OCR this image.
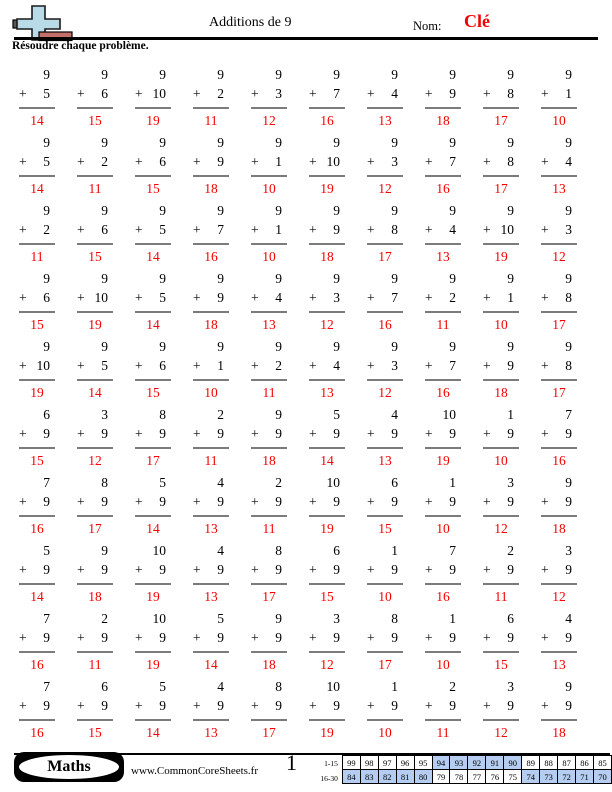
Additions de 9	Nom: Clé
Résoudre chaque problème.
9
+ 5
14
9
+ 6
15
9
+ 10
19
9
+ 2
11
9
+ 3
12
9
+ 7
16
9
+ 4
13
9
+ 9
18
9
+ 8
17
9
+ 1
10
9
+ 5
14
9
+ 2
11
9
+ 6
15
9
+ 9
18
9
+ 1
10
9
+ 10
19
9
+ 3
12
9
+ 7
16
9
+ 8
17
9
+ 4
13
9
+ 2
11
9
+ 6
15
9
+ 5
14
9
+ 7
16
9
+ 1
10
9
+ 9
18
9
+ 8
17
9
+ 4
13
9
+ 10
19
9
+ 3
12
9
+ 6
15
9
+ 10
19
9
+ 5
14
9
+ 9
18
9
+ 4
13
9
+ 3
12
9
+ 7
16
9
+ 2
11
9
+ 1
10
9
+ 8
17
9
+ 10
19
9
+ 5
14
9
+ 6
15
9
+ 1
10
9
+ 2
11
9
+ 4
13
9
+ 3
12
9
+ 7
16
9
+ 9
18
9
+ 8
17
6
+ 9
15
3
+ 9
12
8
+ 9
17
2
+ 9
11
9
+ 9
18
5
+ 9
14
4
+ 9
13
10
+ 9
19
1
+ 9
10
7
+ 9
16
7
+ 9
16
8
+ 9
17
5
+ 9
14
4
+ 9
13
2
+ 9
11
10
+ 9
19
6
+ 9
15
1
+ 9
10
3
+ 9
12
9
+ 9
18
5
+ 9
14
9
+ 9
18
10
+ 9
19
4
+ 9
13
8
+ 9
17
6
+ 9
15
1
+ 9
10
7
+ 9
16
2
+ 9
11
3
+ 9
12
7
+ 9
16
2
+ 9
11
10
+ 9
19
5
+ 9
14
9
+ 9
18
3
+ 9
12
8
+ 9
17
1
+ 9
10
6
+ 9
15
4
+ 9
13
7
+ 9
16
6
+ 9
15
5
+ 9
14
4
+ 9
13
8
+ 9
17
10
+ 9
19
1
+ 9
10
2
+ 9
11
3
+ 9
12
9
+ 9
18
Maths	www.CommonCoreSheets.fr 1	1-15
16-30
99	98	97	96	95	94	93	92	91	90	89	88	87	86	85
84	83	82	81	80	79	78	77	76	75	74	73	72	71	70
